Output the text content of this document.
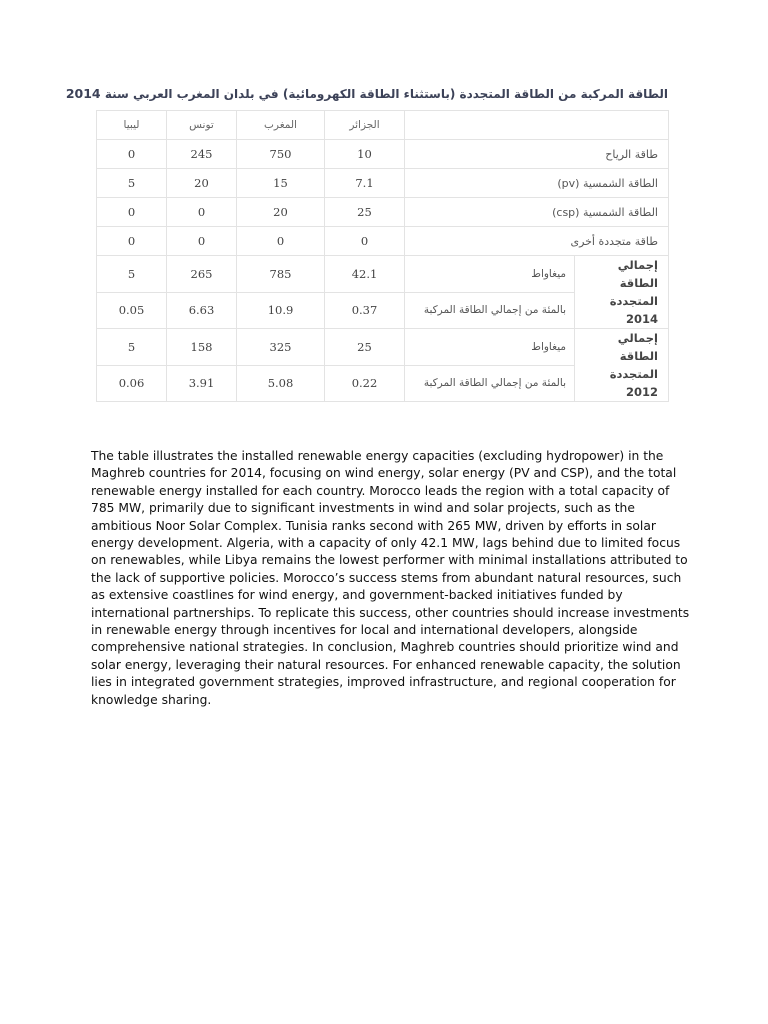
الطاقة المركبة من الطاقة المتجددة (باستثناء الطاقة الكهرومائية) في بلدان المغرب العربي سنة 2014
ليبيا	تونس	المغرب	الجزائر		
0	245	750	10	طاقة الرياح	
5	20	15	7.1	الطاقة الشمسية (pv)	
0	0	20	25	الطاقة الشمسية (csp)	
0	0	0	0	طاقة متجددة أخرى	
5	265	785	42.1	ميغاواط	إجمالي الطاقة المتجددة 2014
0.05	6.63	10.9	0.37	بالمئة من إجمالي الطاقة المركبة	
5	158	325	25	ميغاواط	إجمالي الطاقة المتجددة 2012
0.06	3.91	5.08	0.22	بالمئة من إجمالي الطاقة المركبة	

The table illustrates the installed renewable energy capacities (excluding hydropower) in the Maghreb countries for 2014, focusing on wind energy, solar energy (PV and CSP), and the total renewable energy installed for each country. Morocco leads the region with a total capacity of 785 MW, primarily due to significant investments in wind and solar projects, such as the ambitious Noor Solar Complex. Tunisia ranks second with 265 MW, driven by efforts in solar energy development. Algeria, with a capacity of only 42.1 MW, lags behind due to limited focus on renewables, while Libya remains the lowest performer with minimal installations attributed to the lack of supportive policies. Morocco’s success stems from abundant natural resources, such as extensive coastlines for wind energy, and government-backed initiatives funded by international partnerships. To replicate this success, other countries should increase investments in renewable energy through incentives for local and international developers, alongside comprehensive national strategies. In conclusion, Maghreb countries should prioritize wind and solar energy, leveraging their natural resources. For enhanced renewable capacity, the solution lies in integrated government strategies, improved infrastructure, and regional cooperation for knowledge sharing.
